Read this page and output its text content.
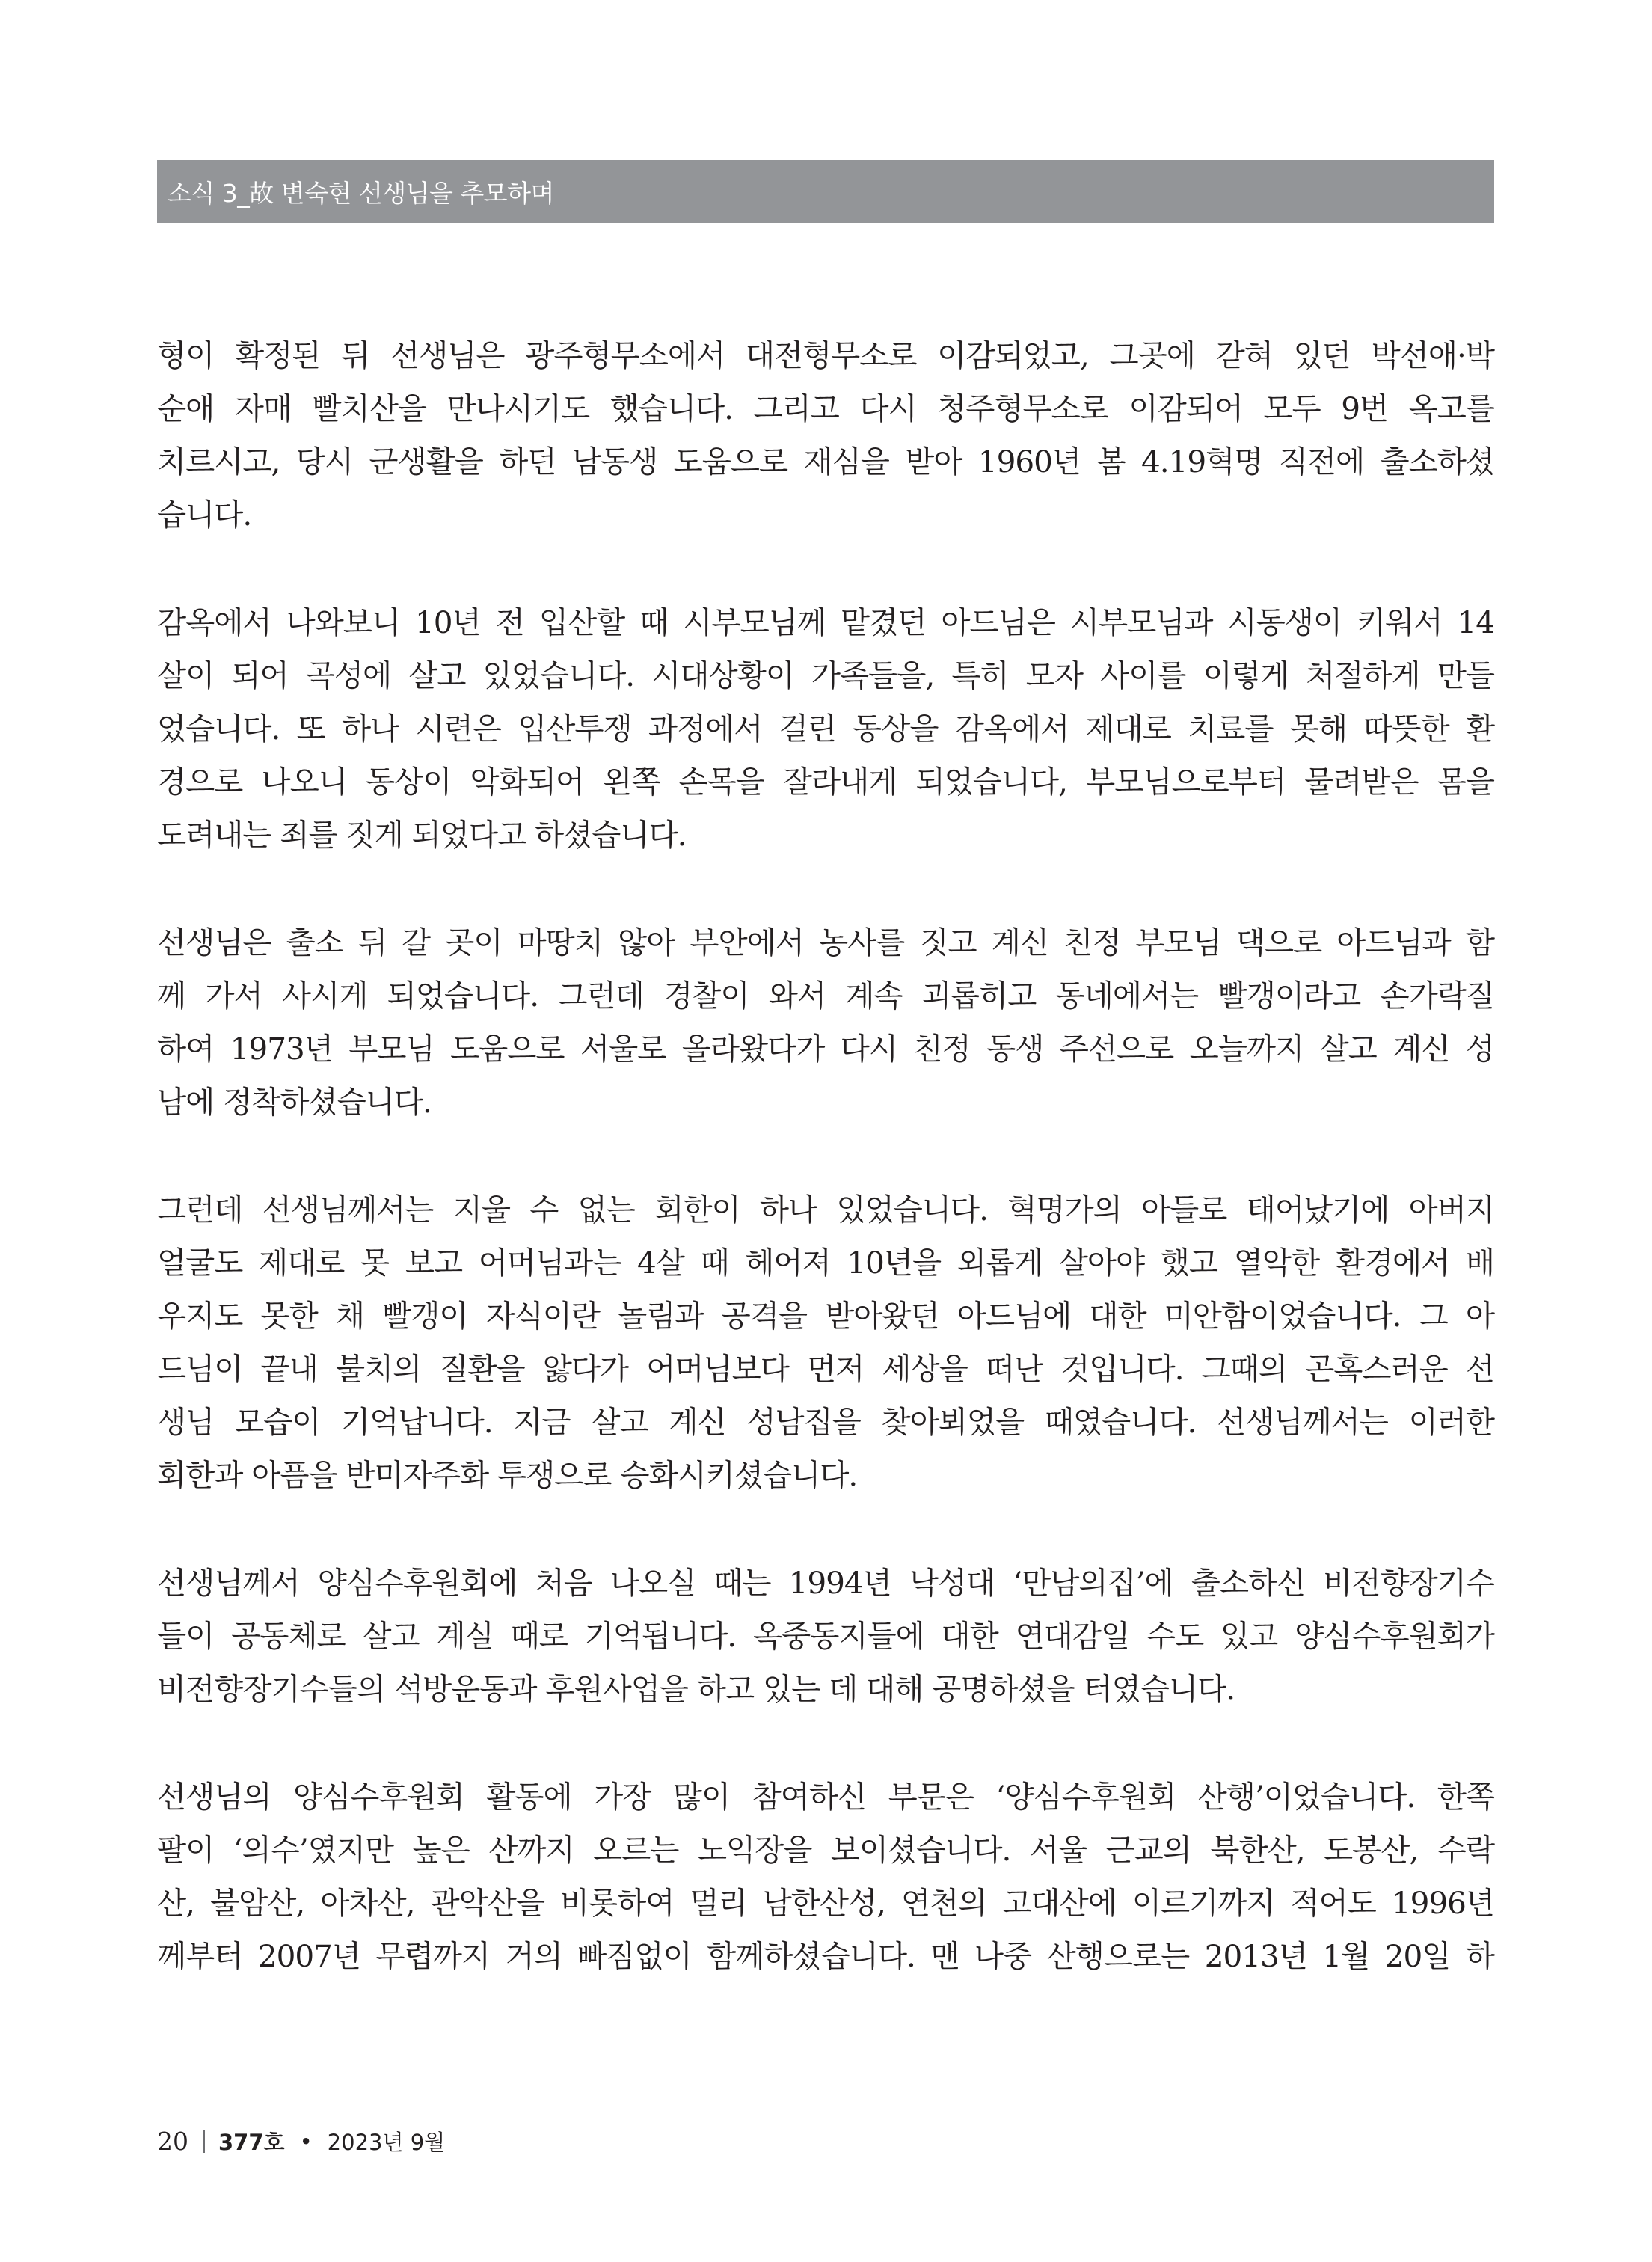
소식 3_故 변숙현 선생님을 추모하며
형이 확정된 뒤 선생님은 광주형무소에서 대전형무소로 이감되었고, 그곳에 갇혀 있던 박선애·박
순애 자매 빨치산을 만나시기도 했습니다. 그리고 다시 청주형무소로 이감되어 모두 9번 옥고를
치르시고, 당시 군생활을 하던 남동생 도움으로 재심을 받아 1960년 봄 4.19혁명 직전에 출소하셨
습니다.
감옥에서 나와보니 10년 전 입산할 때 시부모님께 맡겼던 아드님은 시부모님과 시동생이 키워서 14
살이 되어 곡성에 살고 있었습니다. 시대상황이 가족들을, 특히 모자 사이를 이렇게 처절하게 만들
었습니다. 또 하나 시련은 입산투쟁 과정에서 걸린 동상을 감옥에서 제대로 치료를 못해 따뜻한 환
경으로 나오니 동상이 악화되어 왼쪽 손목을 잘라내게 되었습니다, 부모님으로부터 물려받은 몸을
도려내는 죄를 짓게 되었다고 하셨습니다.
선생님은 출소 뒤 갈 곳이 마땅치 않아 부안에서 농사를 짓고 계신 친정 부모님 댁으로 아드님과 함
께 가서 사시게 되었습니다. 그런데 경찰이 와서 계속 괴롭히고 동네에서는 빨갱이라고 손가락질
하여 1973년 부모님 도움으로 서울로 올라왔다가 다시 친정 동생 주선으로 오늘까지 살고 계신 성
남에 정착하셨습니다.
그런데 선생님께서는 지울 수 없는 회한이 하나 있었습니다. 혁명가의 아들로 태어났기에 아버지
얼굴도 제대로 못 보고 어머님과는 4살 때 헤어져 10년을 외롭게 살아야 했고 열악한 환경에서 배
우지도 못한 채 빨갱이 자식이란 놀림과 공격을 받아왔던 아드님에 대한 미안함이었습니다. 그 아
드님이 끝내 불치의 질환을 앓다가 어머님보다 먼저 세상을 떠난 것입니다. 그때의 곤혹스러운 선
생님 모습이 기억납니다. 지금 살고 계신 성남집을 찾아뵈었을 때였습니다. 선생님께서는 이러한
회한과 아픔을 반미자주화 투쟁으로 승화시키셨습니다.
선생님께서 양심수후원회에 처음 나오실 때는 1994년 낙성대 ‘만남의집’에 출소하신 비전향장기수
들이 공동체로 살고 계실 때로 기억됩니다. 옥중동지들에 대한 연대감일 수도 있고 양심수후원회가
비전향장기수들의 석방운동과 후원사업을 하고 있는 데 대해 공명하셨을 터였습니다.
선생님의 양심수후원회 활동에 가장 많이 참여하신 부문은 ‘양심수후원회 산행’이었습니다. 한쪽
팔이 ‘의수’였지만 높은 산까지 오르는 노익장을 보이셨습니다. 서울 근교의 북한산, 도봉산, 수락
산, 불암산, 아차산, 관악산을 비롯하여 멀리 남한산성, 연천의 고대산에 이르기까지 적어도 1996년
께부터 2007년 무렵까지 거의 빠짐없이 함께하셨습니다. 맨 나중 산행으로는 2013년 1월 20일 하
20 377호 • 2023년 9월
